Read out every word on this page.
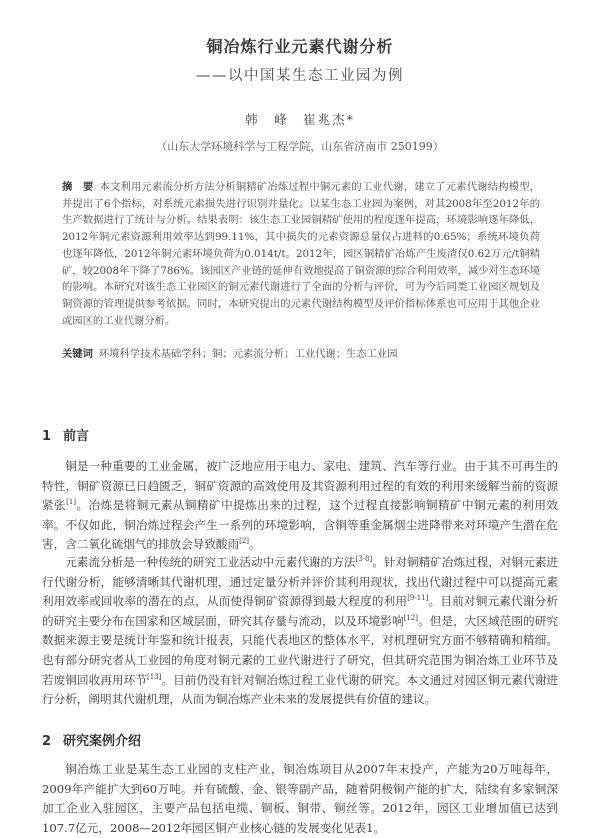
铜冶炼行业元素代谢分析
——以中国某生态工业园为例
韩　峰　崔兆杰*
（山东大学环境科学与工程学院，山东省济南市 250199）

摘　要 本文利用元素流分析方法分析铜精矿冶炼过程中铜元素的工业代谢，建立了元素代谢结构模型，并提出了6个指标，对系统元素损失进行识别并量化。以某生态工业园为案例，对其2008年至2012年的生产数据进行了统计与分析。结果表明：该生态工业园铜精矿使用的程度逐年提高，环境影响逐年降低，2012年铜元素资源利用效率达到99.11%，其中损失的元素资源总量仅占进料的0.65%；系统环境负荷也逐年降低，2012年铜元素环境负荷为0.014t/t。2012年，园区铜精矿冶炼产生废渣仅0.62万元/t铜精矿，较2008年下降了786%。该园区产业链的延伸有效地提高了铜资源的综合利用效率，减少对生态环境的影响。本研究对该生态工业园区的铜元素代谢进行了全面的分析与评价，可为今后同类工业园区规划及铜资源的管理提供参考依据。同时，本研究提出的元素代谢结构模型及评价指标体系也可应用于其他企业或园区的工业代谢分析。

关键词 环境科学技术基础学科；铜；元素流分析；工业代谢；生态工业园

1 前言

铜是一种重要的工业金属，被广泛地应用于电力、家电、建筑、汽车等行业。由于其不可再生的特性，铜矿资源已日趋匮乏，铜矿资源的高效使用及其资源利用过程的有效的利用来缓解当前的资源紧张[1]。冶炼是将铜元素从铜精矿中提炼出来的过程，这个过程直接影响铜精矿中铜元素的利用效率。不仅如此，铜冶炼过程会产生一系列的环境影响，含铜等重金属烟尘进降带来对环境产生潜在危害，含二氧化硫烟气的排放会导致酸雨[2]。

元素流分析是一种传统的研究工业活动中元素代谢的方法[3-8]。针对铜精矿冶炼过程，对铜元素进行代谢分析，能够清晰其代谢机理，通过定量分析并评价其利用现状，找出代谢过程中可以提高元素利用效率或回收率的潜在的点，从而使得铜矿资源得到最大程度的利用[9-11]。目前对铜元素代谢分析的研究主要分布在国家和区域层面，研究其存量与流动，以及环境影响[12]。但是，大区域范围的研究数据来源主要是统计年鉴和统计报表，只能代表地区的整体水平，对机理研究方面不够精确和精细。也有部分研究者从工业园的角度对铜元素的工业代谢进行了研究，但其研究范围为铜冶炼工业环节及若废铜回收再用环节[13]。目前仍没有针对铜冶炼过程工业代谢的研究。本文通过对园区铜元素代谢进行分析，阐明其代谢机理，从而为铜冶炼产业未来的发展提供有价值的建议。

2 研究案例介绍

铜冶炼工业是某生态工业园的支柱产业，铜冶炼项目从2007年末投产，产能为20万吨每年，2009年产能扩大到60万吨。并有硫酸、金、银等副产品，随着阴极铜产能的扩大，陆续有多家铜深加工企业入驻园区，主要产品包括电缆、铜板、铜带、铜丝等。2012年，园区工业增加值已达到107.7亿元，2008—2012年园区铜产业核心链的发展变化见表1。
